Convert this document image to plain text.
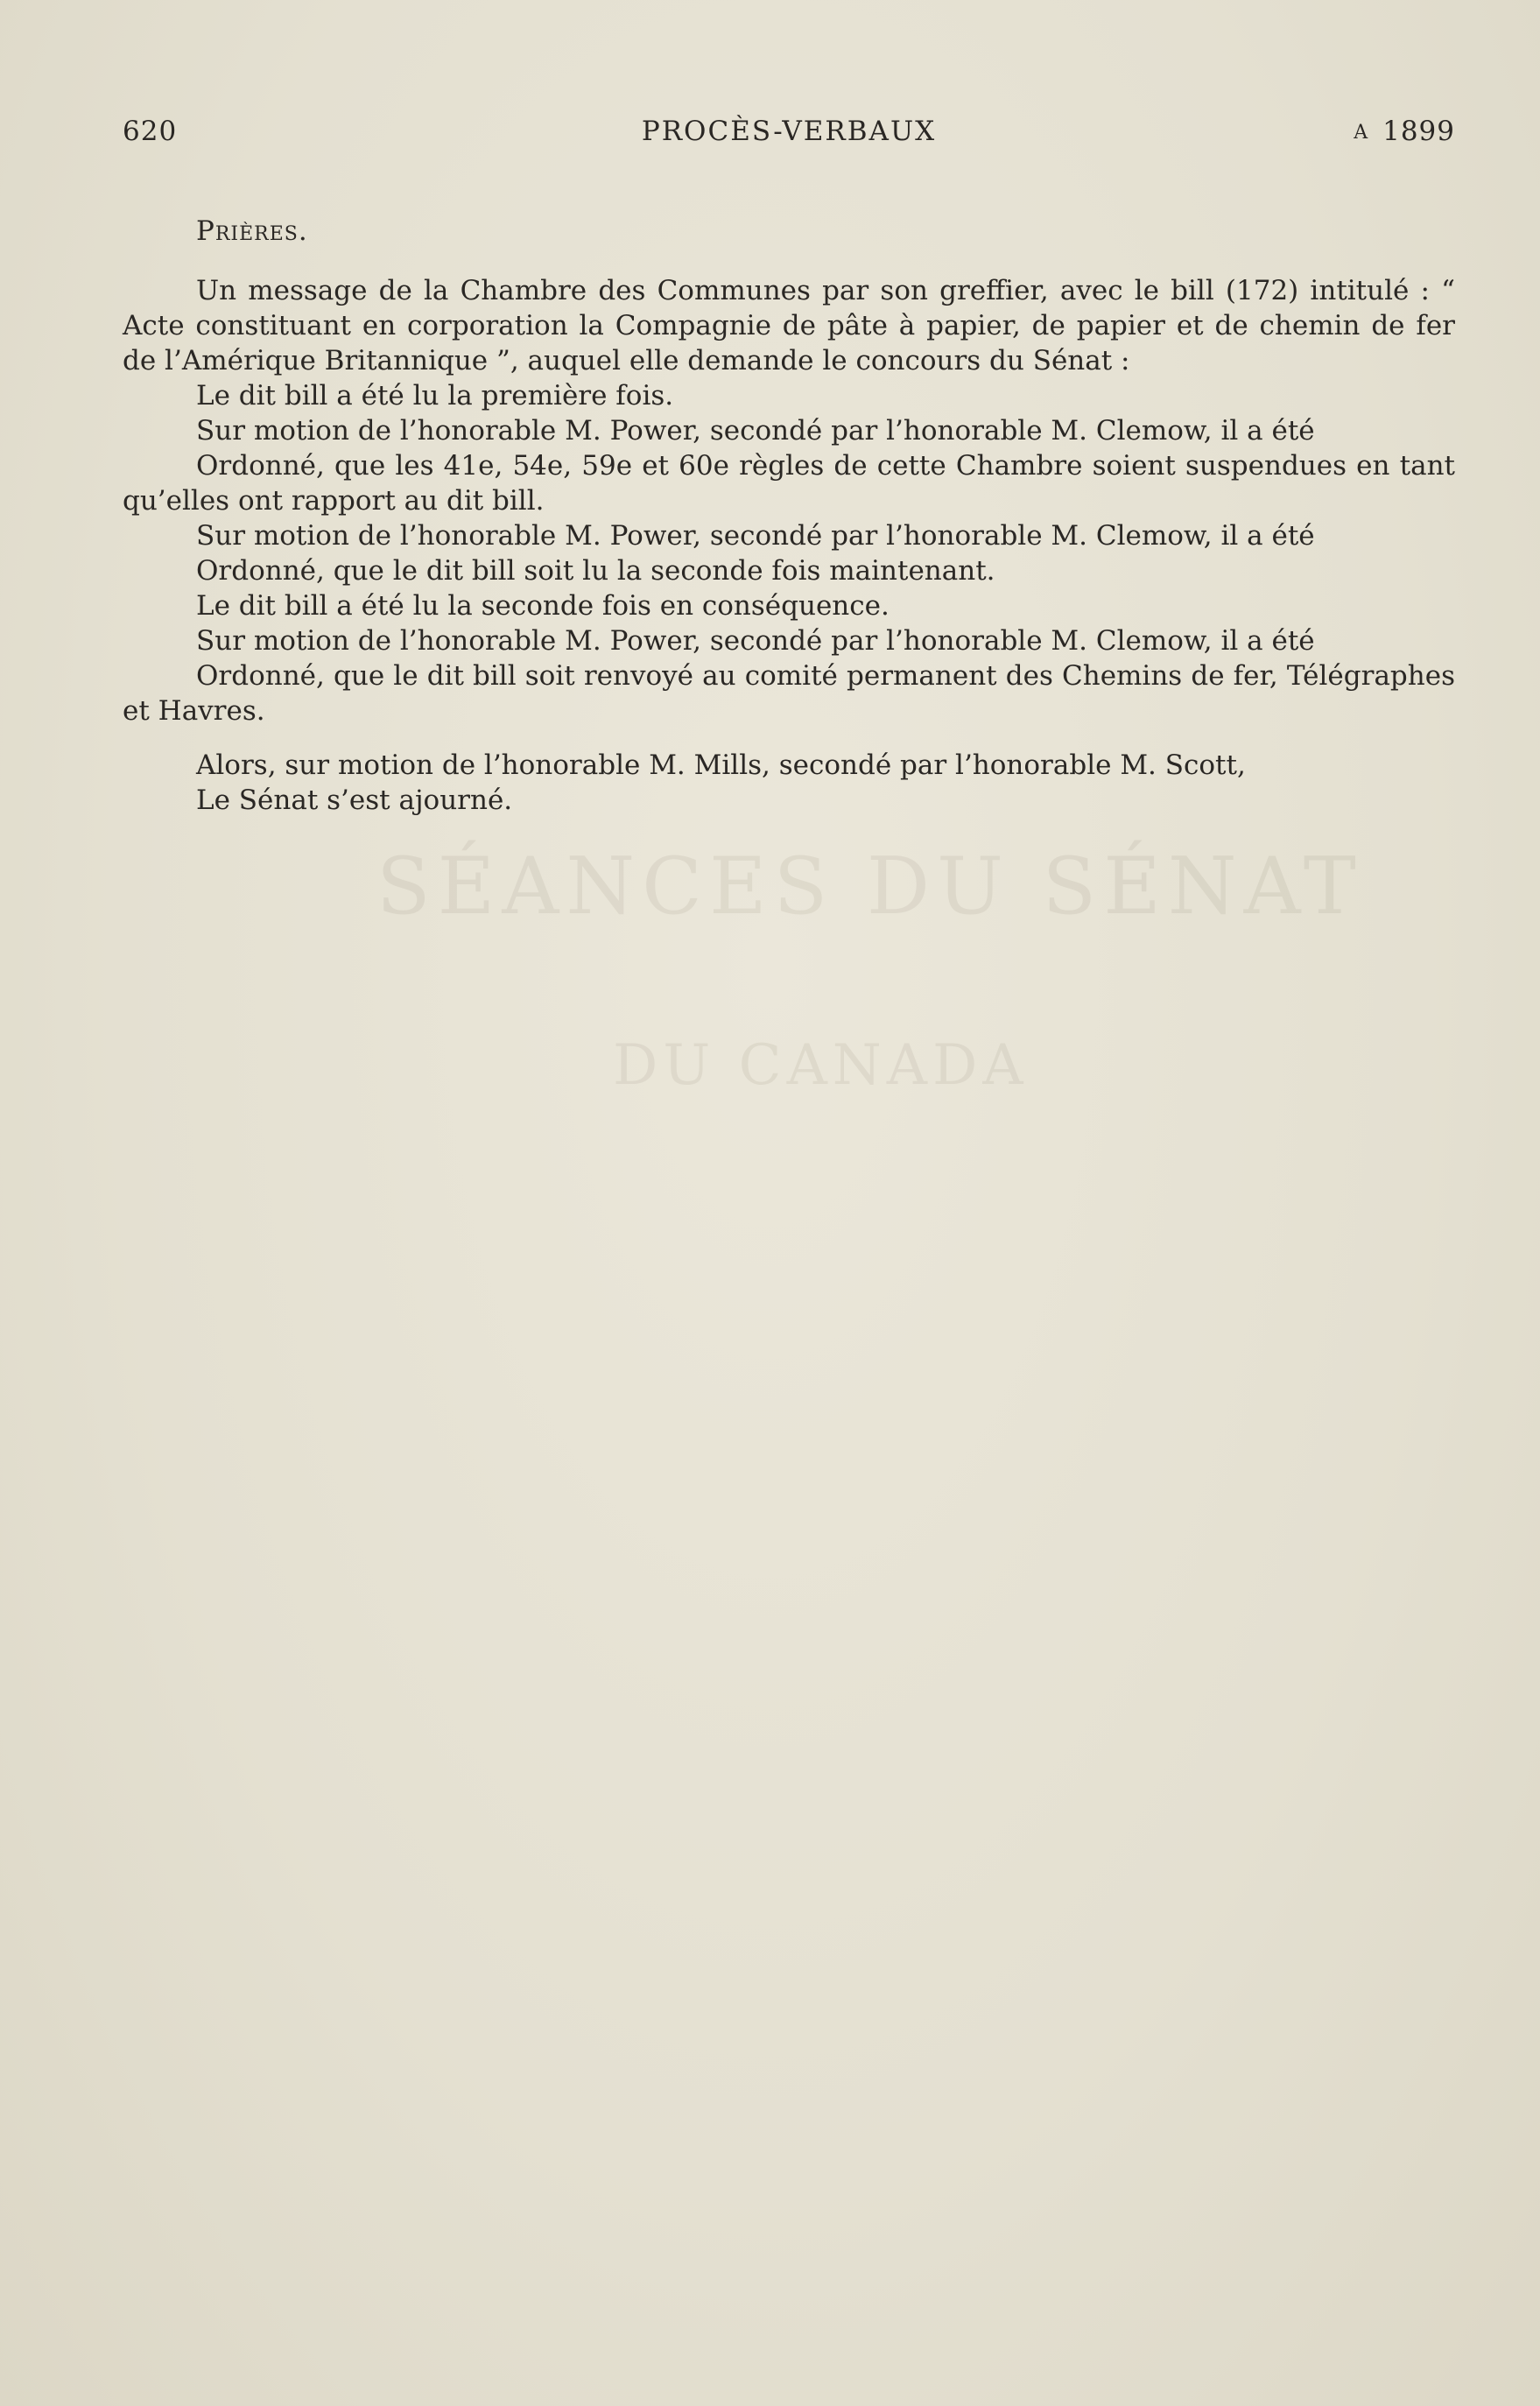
SÉANCES DU SÉNAT
DU CANADA
620	PROCÈS-VERBAUX	A 1899

Prières.

Un message de la Chambre des Communes par son greffier, avec le bill (172) intitulé : “ Acte constituant en corporation la Compagnie de pâte à papier, de papier et de chemin de fer de l’Amérique Britannique ”, auquel elle demande le concours du Sénat :

Le dit bill a été lu la première fois.

Sur motion de l’honorable M. Power, secondé par l’honorable M. Clemow, il a été

Ordonné, que les 41e, 54e, 59e et 60e règles de cette Chambre soient suspendues en tant qu’elles ont rapport au dit bill.

Sur motion de l’honorable M. Power, secondé par l’honorable M. Clemow, il a été

Ordonné, que le dit bill soit lu la seconde fois maintenant.

Le dit bill a été lu la seconde fois en conséquence.

Sur motion de l’honorable M. Power, secondé par l’honorable M. Clemow, il a été

Ordonné, que le dit bill soit renvoyé au comité permanent des Chemins de fer, Télégraphes et Havres.

Alors, sur motion de l’honorable M. Mills, secondé par l’honorable M. Scott,

Le Sénat s’est ajourné.
